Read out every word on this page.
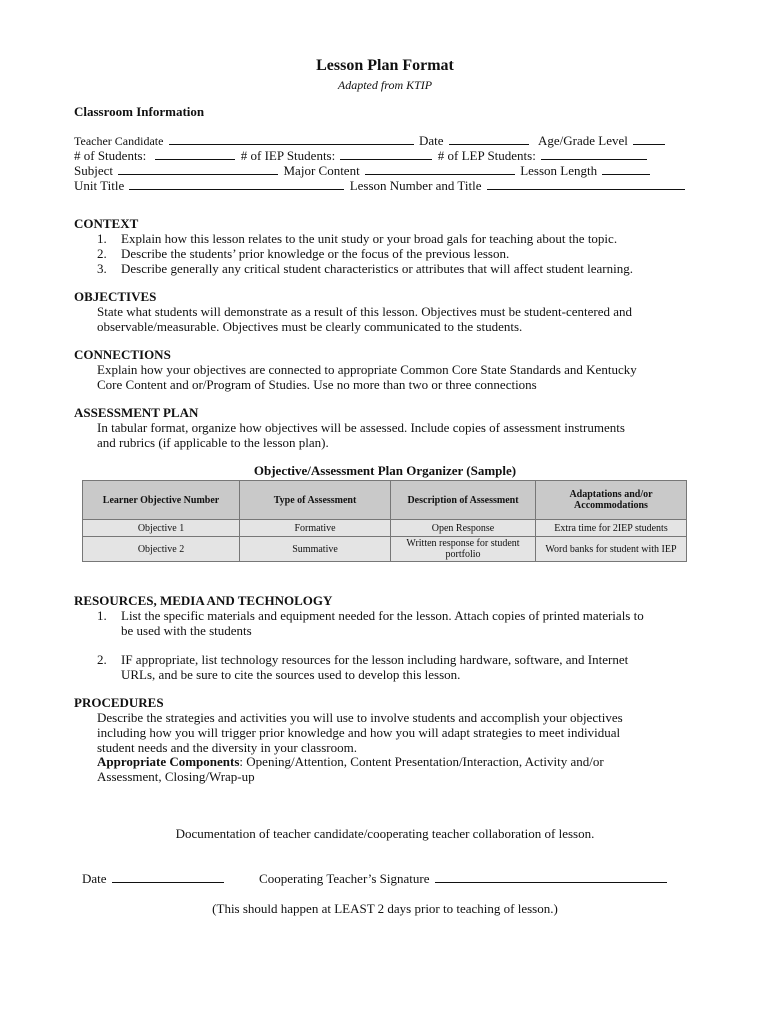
Lesson Plan Format
Adapted from KTIP
Classroom Information
Teacher Candidate	Date	Age/Grade Level
# of Students:	# of IEP Students:	# of LEP Students:
Subject	Major Content	Lesson Length
Unit Title	Lesson Number and Title
CONTEXT
1. Explain how this lesson relates to the unit study or your broad gals for teaching about the topic.
2. Describe the students’ prior knowledge or the focus of the previous lesson.
3. Describe generally any critical student characteristics or attributes that will affect student learning.
OBJECTIVES
State what students will demonstrate as a result of this lesson. Objectives must be student-centered and
observable/measurable. Objectives must be clearly communicated to the students.
CONNECTIONS
Explain how your objectives are connected to appropriate Common Core State Standards and Kentucky
Core Content and or/Program of Studies. Use no more than two or three connections
ASSESSMENT PLAN
In tabular format, organize how objectives will be assessed. Include copies of assessment instruments
and rubrics (if applicable to the lesson plan).
Objective/Assessment Plan Organizer (Sample)
Learner Objective Number	Type of Assessment	Description of Assessment	Adaptations and/or Accommodations
Objective 1	Formative	Open Response	Extra time for 2IEP students
Objective 2	Summative	Written response for student portfolio	Word banks for student with IEP
RESOURCES, MEDIA AND TECHNOLOGY
1. List the specific materials and equipment needed for the lesson. Attach copies of printed materials to
be used with the students
2. IF appropriate, list technology resources for the lesson including hardware, software, and Internet
URLs, and be sure to cite the sources used to develop this lesson.
PROCEDURES
Describe the strategies and activities you will use to involve students and accomplish your objectives
including how you will trigger prior knowledge and how you will adapt strategies to meet individual
student needs and the diversity in your classroom.
Appropriate Components: Opening/Attention, Content Presentation/Interaction, Activity and/or
Assessment, Closing/Wrap-up
Documentation of teacher candidate/cooperating teacher collaboration of lesson.
Date	Cooperating Teacher’s Signature
(This should happen at LEAST 2 days prior to teaching of lesson.)
